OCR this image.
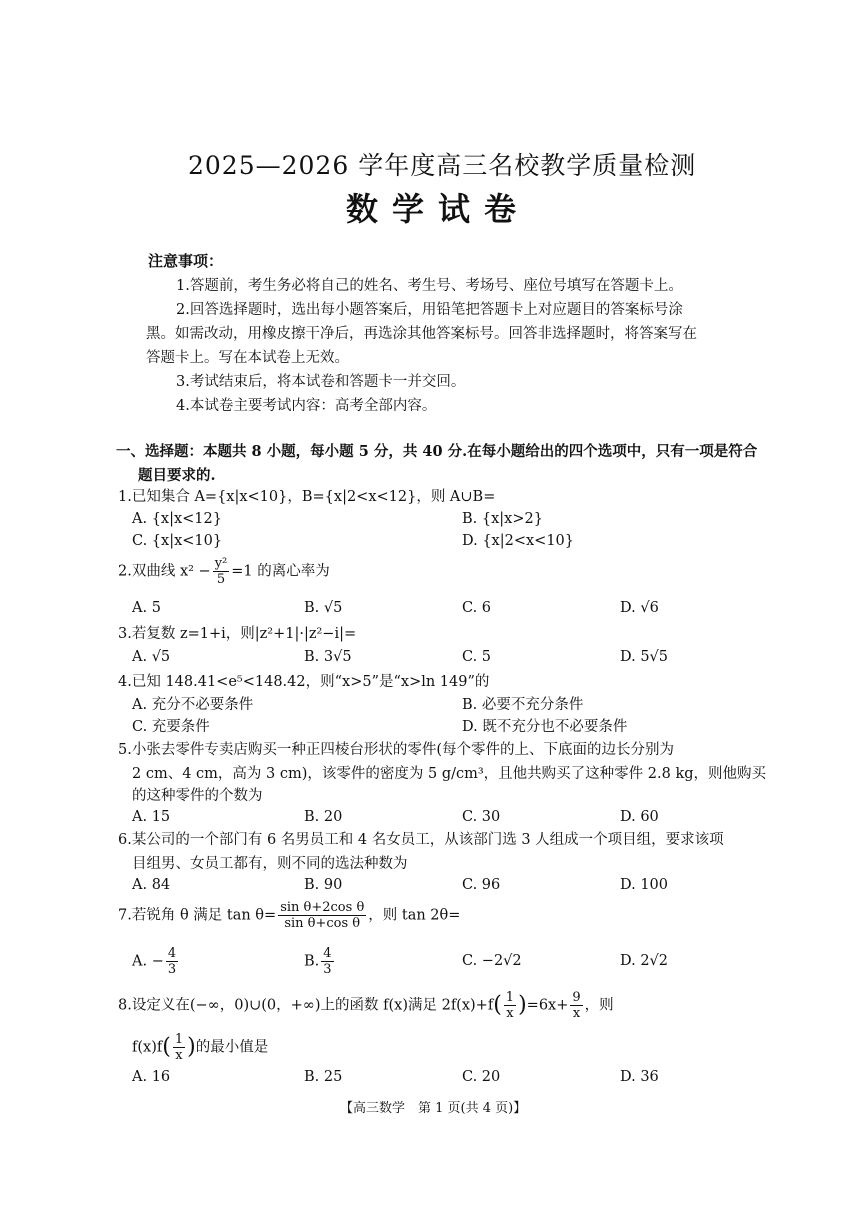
2025—2026 学年度高三名校教学质量检测
数学试卷
注意事项：
1.答题前，考生务必将自己的姓名、考生号、考场号、座位号填写在答题卡上。
2.回答选择题时，选出每小题答案后，用铅笔把答题卡上对应题目的答案标号涂
黑。如需改动，用橡皮擦干净后，再选涂其他答案标号。回答非选择题时，将答案写在
答题卡上。写在本试卷上无效。
3.考试结束后，将本试卷和答题卡一并交回。
4.本试卷主要考试内容：高考全部内容。
一、选择题：本题共 8 小题，每小题 5 分，共 40 分.在每小题给出的四个选项中，只有一项是符合
题目要求的.
1.已知集合 A={x|x<10}，B={x|2<x<12}，则 A∪B=
A. {x|x<12}	B. {x|x>2}
C. {x|x<10}	D. {x|2<x<10}
2.双曲线 $x^2 - \frac{\text{y²}}{5} =1$ 的离心率为
A. 5	B. √5	C. 6	D. √6
3.若复数 z=1+i，则|z²+1|·|z²−i|=
A. √5	B. 3√5	C. 5	D. 5√5
4.已知 148.41<e⁵<148.42，则“x>5”是“x>ln 149”的
A. 充分不必要条件	B. 必要不充分条件
C. 充要条件	D. 既不充分也不必要条件
5.小张去零件专卖店购买一种正四棱台形状的零件(每个零件的上、下底面的边长分别为
2 cm、4 cm，高为 3 cm)，该零件的密度为 5 g/cm³，且他共购买了这种零件 2.8 kg，则他购买
的这种零件的个数为
A. 15	B. 20	C. 30	D. 60
6.某公司的一个部门有 6 名男员工和 4 名女员工，从该部门选 3 人组成一个项目组，要求该项
目组男、女员工都有，则不同的选法种数为
A. 84	B. 90	C. 96	D. 100
7.若锐角 θ 满足 $\tan \theta= \frac{\text{sin θ+2cos θ}}{\text{sin θ+cos θ}}$ ，则 tan 2θ=
A. − $\frac{4}{3}$	B. $\frac{4}{3}$	C. −2√2	D. 2√2
8.设定义在(−∞，0)∪(0，+∞)上的函数 f(x)满足 $2f(x)+f( \frac{1}{x} )=6x+ \frac{9}{x}$ ，则
$f(x)f( \frac{1}{x}$ )的最小值是
A. 16	B. 25	C. 20	D. 36
【高三数学　第 1 页(共 4 页)】
